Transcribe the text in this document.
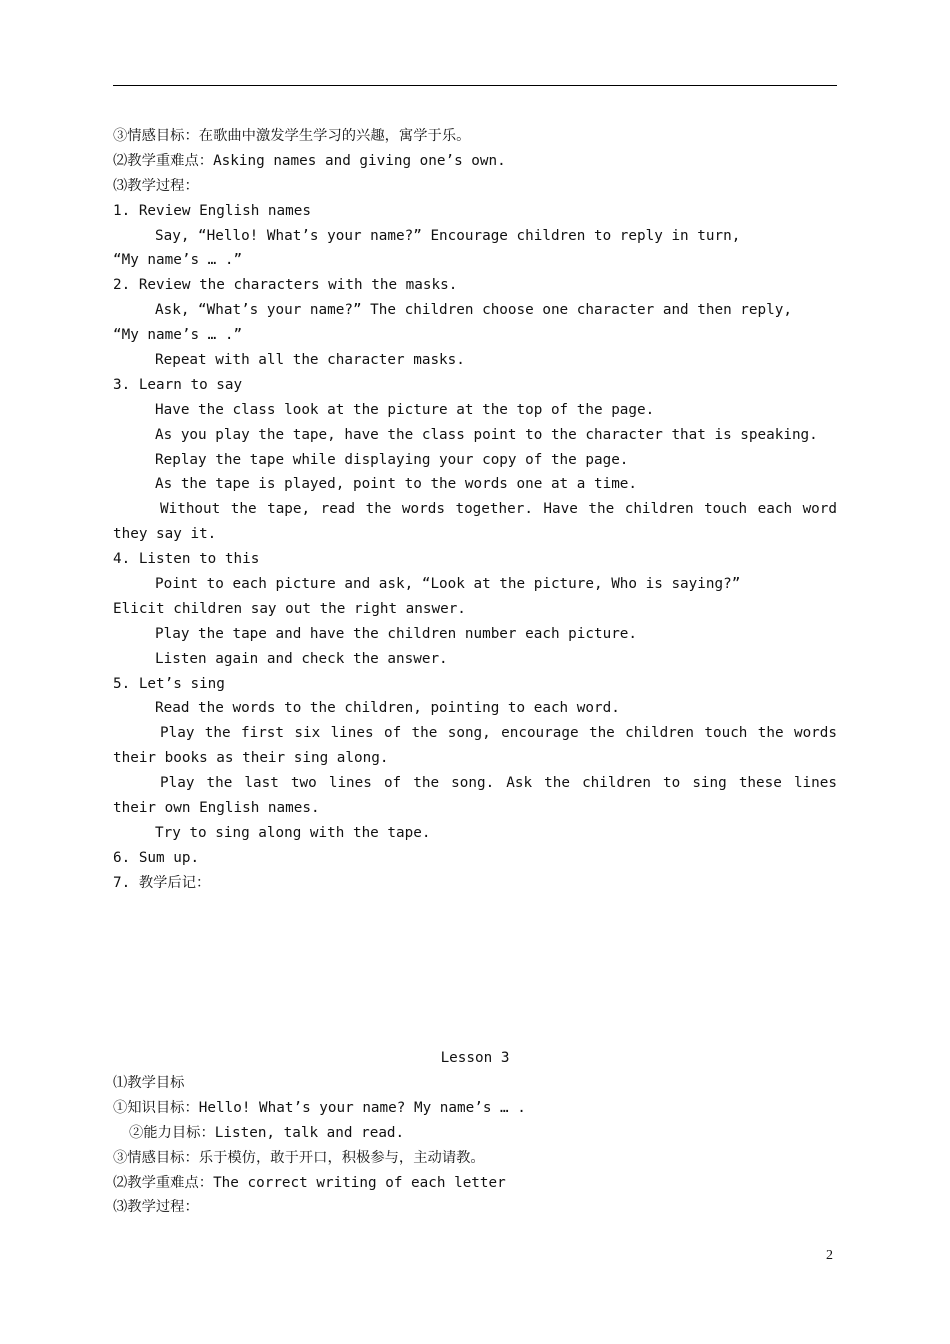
③情感目标：在歌曲中激发学生学习的兴趣，寓学于乐。
⑵教学重难点：Asking names and giving one’s own.
⑶教学过程：
1. Review English names
Say, “Hello! What’s your name?” Encourage children to reply in turn,
“My name’s … .”
2. Review the characters with the masks.
Ask, “What’s your name?” The children choose one character and then reply,
“My name’s … .”
Repeat with all the character masks.
3. Learn to say
Have the class look at the picture at the top of the page.
As you play the tape, have the class point to the character that is speaking.
Replay the tape while displaying your copy of the page.
As the tape is played, point to the words one at a time.
Without the tape, read the words together. Have the children touch each word
they say it.
4. Listen to this
Point to each picture and ask, “Look at the picture, Who is saying?”
Elicit children say out the right answer.
Play the tape and have the children number each picture.
Listen again and check the answer.
5. Let’s sing
Read the words to the children, pointing to each word.
Play the first six lines of the song, encourage the children touch the words
their books as their sing along.
Play the last two lines of the song. Ask the children to sing these lines
their own English names.
Try to sing along with the tape.
6. Sum up.
7. 教学后记：
Lesson 3
⑴教学目标
①知识目标：Hello! What’s your name? My name’s … .
②能力目标：Listen, talk and read.
③情感目标：乐于模仿，敢于开口，积极参与，主动请教。
⑵教学重难点：The correct writing of each letter
⑶教学过程：
2
